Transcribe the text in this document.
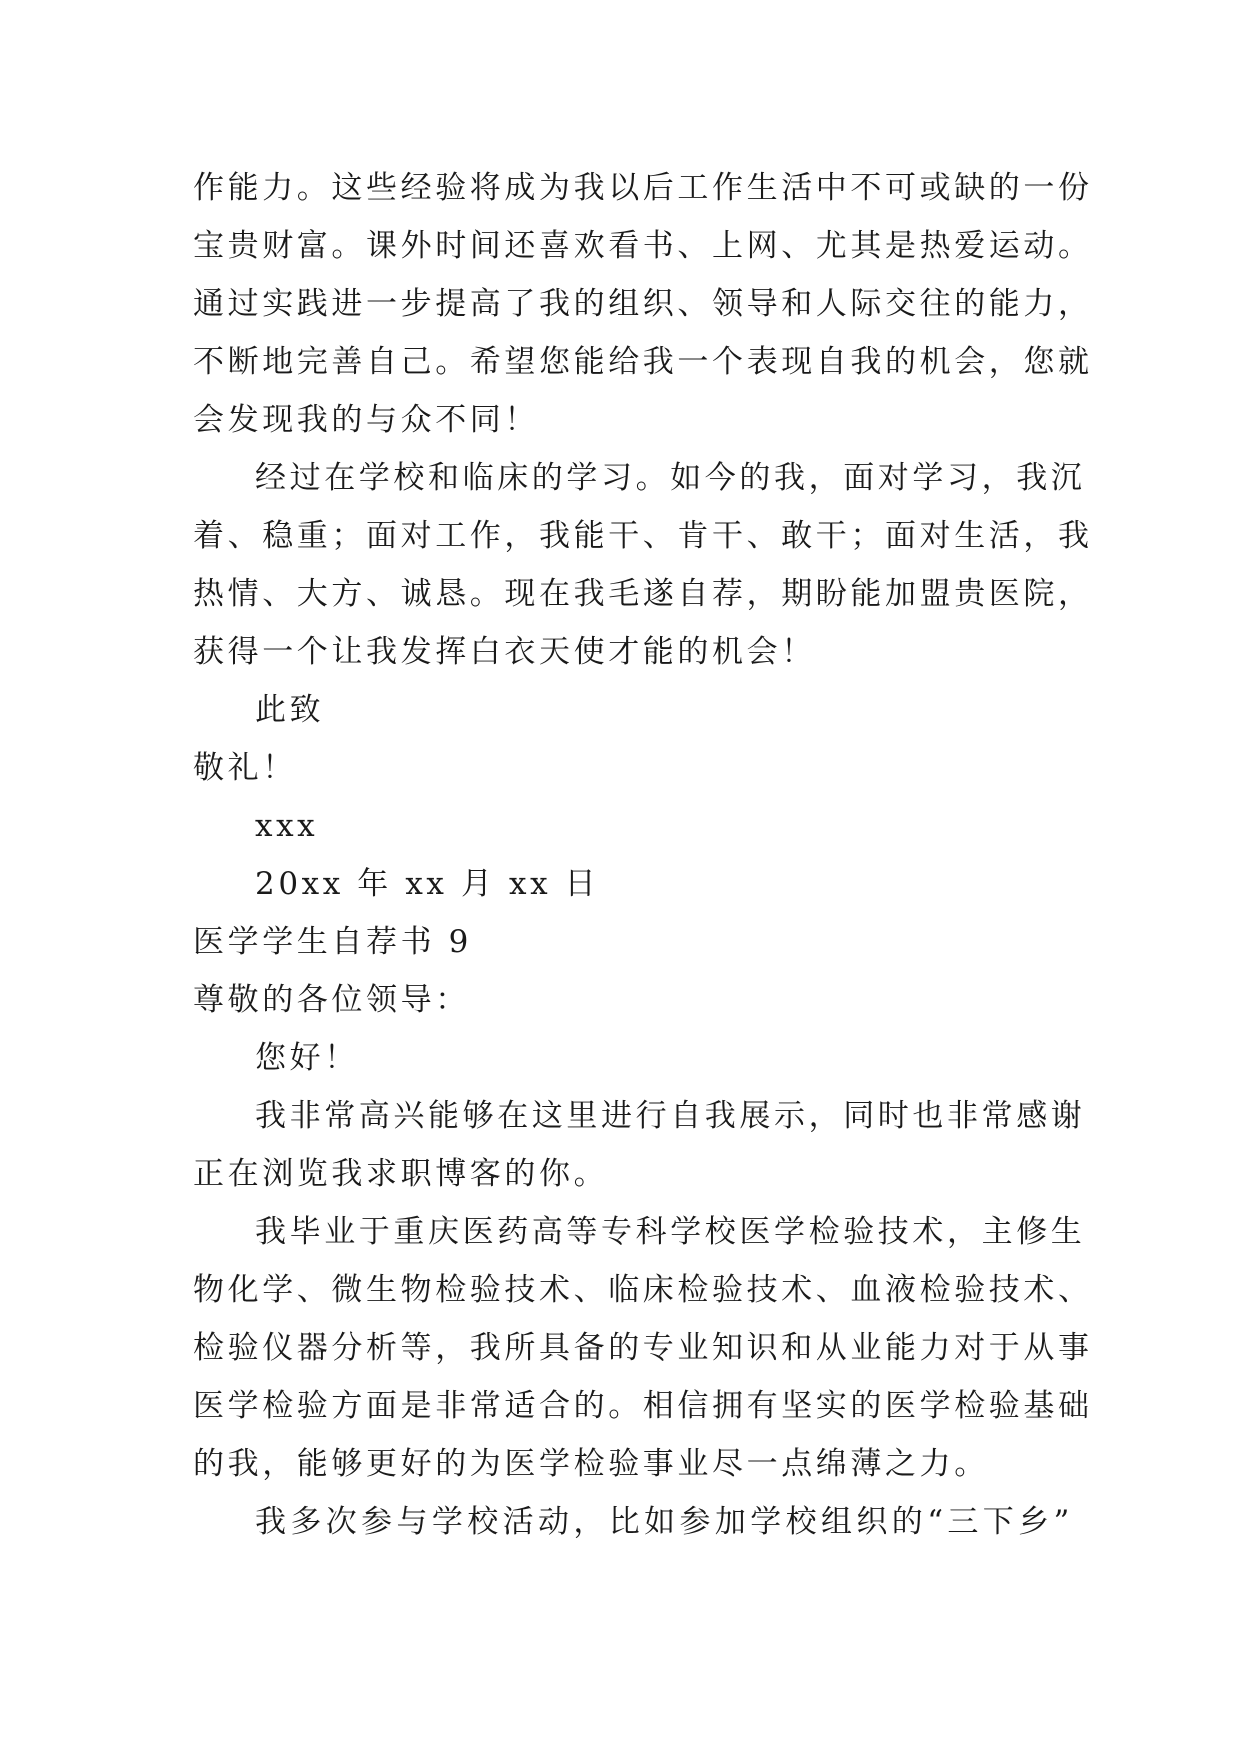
作能力。这些经验将成为我以后工作生活中不可或缺的一份
宝贵财富。课外时间还喜欢看书、上网、尤其是热爱运动。
通过实践进一步提高了我的组织、领导和人际交往的能力，
不断地完善自己。希望您能给我一个表现自我的机会，您就
会发现我的与众不同！
经过在学校和临床的学习。如今的我，面对学习，我沉
着、稳重；面对工作，我能干、肯干、敢干；面对生活，我
热情、大方、诚恳。现在我毛遂自荐，期盼能加盟贵医院，
获得一个让我发挥白衣天使才能的机会！
此致
敬礼！
xxx
20xx 年 xx 月 xx 日
医学学生自荐书 9
尊敬的各位领导：
您好！
我非常高兴能够在这里进行自我展示，同时也非常感谢
正在浏览我求职博客的你。
我毕业于重庆医药高等专科学校医学检验技术，主修生
物化学、微生物检验技术、临床检验技术、血液检验技术、
检验仪器分析等，我所具备的专业知识和从业能力对于从事
医学检验方面是非常适合的。相信拥有坚实的医学检验基础
的我，能够更好的为医学检验事业尽一点绵薄之力。
我多次参与学校活动，比如参加学校组织的“三下乡”
